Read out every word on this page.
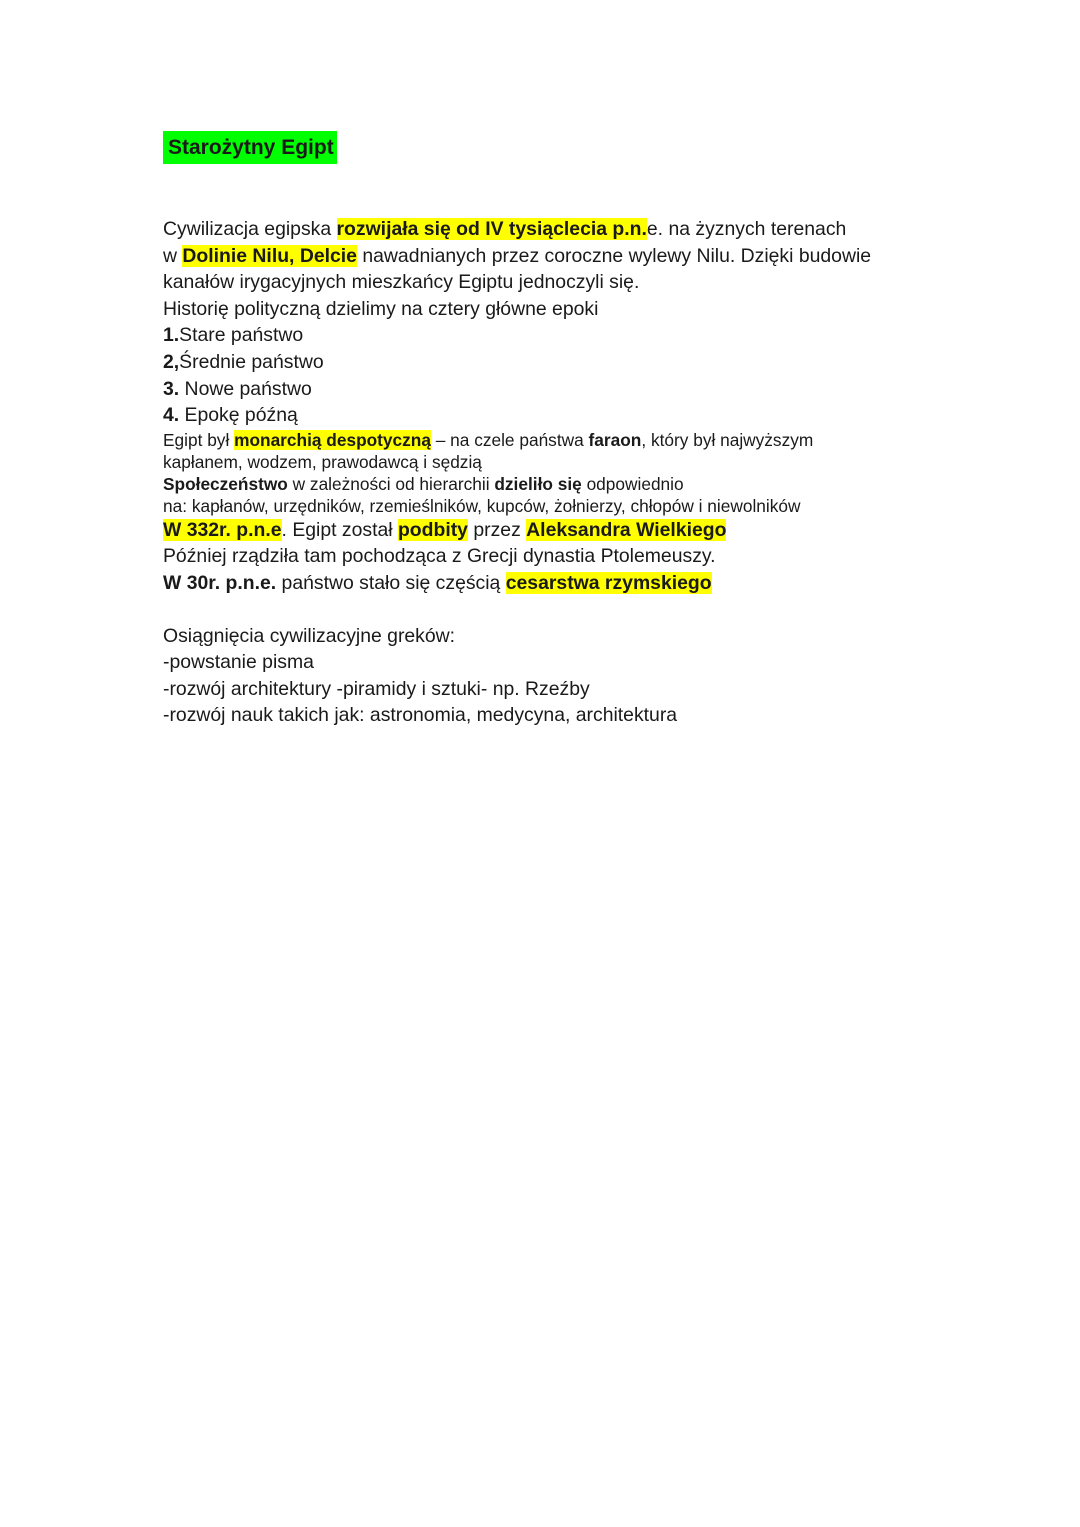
Starożytny Egipt
Cywilizacja egipska rozwijała się od IV tysiąclecia p.n.e. na żyznych terenach
w Dolinie Nilu, Delcie nawadnianych przez coroczne wylewy Nilu. Dzięki budowie
kanałów irygacyjnych mieszkańcy Egiptu jednoczyli się.
Historię polityczną dzielimy na cztery główne epoki
1.Stare państwo
2,Średnie państwo
3. Nowe państwo
4. Epokę późną
Egipt był monarchią despotyczną – na czele państwa faraon, który był najwyższym
kapłanem, wodzem, prawodawcą i sędzią
Społeczeństwo w zależności od hierarchii dzieliło się odpowiednio
na: kapłanów, urzędników, rzemieślników, kupców, żołnierzy, chłopów i niewolników
W 332r. p.n.e. Egipt został podbity przez Aleksandra Wielkiego
Później rządziła tam pochodząca z Grecji dynastia Ptolemeuszy.
W 30r. p.n.e. państwo stało się częścią cesarstwa rzymskiego
Osiągnięcia cywilizacyjne greków:
-powstanie pisma
-rozwój architektury -piramidy i sztuki- np. Rzeźby
-rozwój nauk takich jak: astronomia, medycyna, architektura
